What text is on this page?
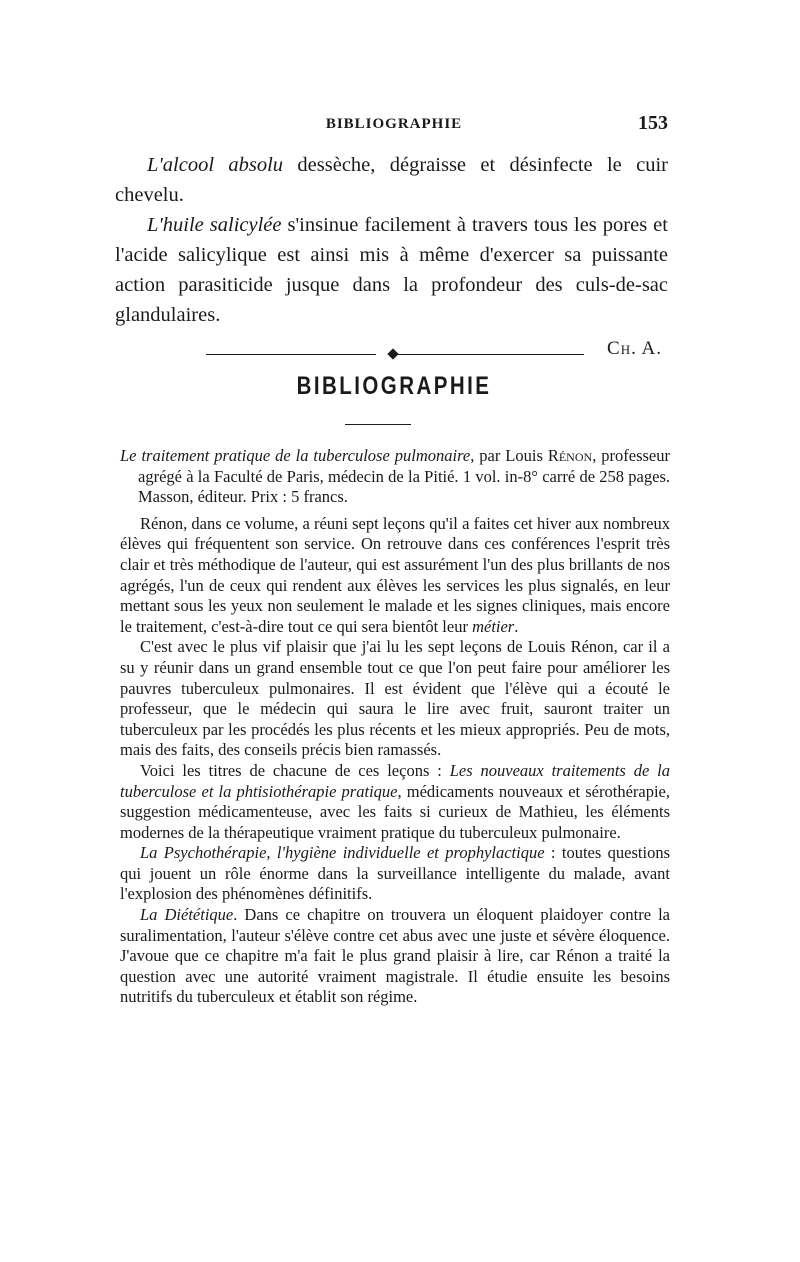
BIBLIOGRAPHIE	153

L'alcool absolu dessèche, dégraisse et désinfecte le cuir chevelu.

L'huile salicylée s'insinue facilement à travers tous les pores et l'acide salicylique est ainsi mis à même d'exercer sa puissante action parasiticide jusque dans la profondeur des culs-de-sac glandulaires.

Ch. A.
BIBLIOGRAPHIE

Le traitement pratique de la tuberculose pulmonaire, par Louis Rénon, professeur agrégé à la Faculté de Paris, médecin de la Pitié. 1 vol. in-8° carré de 258 pages. Masson, éditeur. Prix : 5 francs.

Rénon, dans ce volume, a réuni sept leçons qu'il a faites cet hiver aux nombreux élèves qui fréquentent son service. On retrouve dans ces conférences l'esprit très clair et très méthodique de l'auteur, qui est assurément l'un des plus brillants de nos agrégés, l'un de ceux qui rendent aux élèves les services les plus signalés, en leur mettant sous les yeux non seulement le malade et les signes cliniques, mais encore le traitement, c'est-à-dire tout ce qui sera bientôt leur métier.

C'est avec le plus vif plaisir que j'ai lu les sept leçons de Louis Rénon, car il a su y réunir dans un grand ensemble tout ce que l'on peut faire pour améliorer les pauvres tuberculeux pulmonaires. Il est évident que l'élève qui a écouté le professeur, que le médecin qui saura le lire avec fruit, sauront traiter un tuberculeux par les procédés les plus récents et les mieux appropriés. Peu de mots, mais des faits, des conseils précis bien ramassés.

Voici les titres de chacune de ces leçons : Les nouveaux traitements de la tuberculose et la phtisiothérapie pratique, médicaments nouveaux et sérothérapie, suggestion médicamenteuse, avec les faits si curieux de Mathieu, les éléments modernes de la thérapeutique vraiment pratique du tuberculeux pulmonaire.

La Psychothérapie, l'hygiène individuelle et prophylactique : toutes questions qui jouent un rôle énorme dans la surveillance intelligente du malade, avant l'explosion des phénomènes définitifs.

La Diététique. Dans ce chapitre on trouvera un éloquent plaidoyer contre la suralimentation, l'auteur s'élève contre cet abus avec une juste et sévère éloquence. J'avoue que ce chapitre m'a fait le plus grand plaisir à lire, car Rénon a traité la question avec une autorité vraiment magistrale. Il étudie ensuite les besoins nutritifs du tuberculeux et établit son régime.
